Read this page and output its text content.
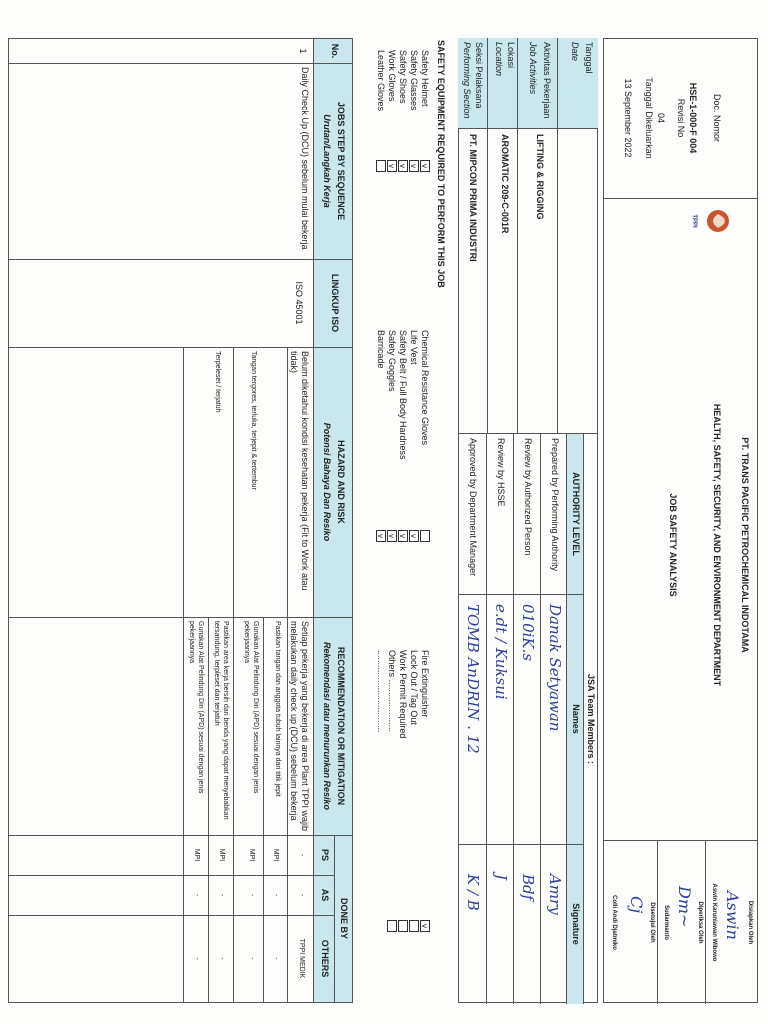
Doc. Nomor
HSE-1-000-F 004
Revisi No
04
Tanggal Dikeluarkan
13 September 2022
TPPI
PT. TRANS PACIFIC PETROCHEMICAL INDOTAMA
HEALTH, SAFETY, SECURITY, AND ENVIRONMENT DEPARTMENT
JOB SAFETY ANALYSIS
Disiapkan Oleh
Aswin
Aswin Karuniawan Wibowo
Diperiksa Oleh
Dm~
Sudarmanto
Disetujui Oleh
Cj
Colli Andi Djatmiko
Tanggal
Date
Aktivitas Pekerjaan
Job Activities
LIFTING & RIGGING
Lokasi
Location
AROMATIC 209-C-001R
Seksi Pelaksana
Performing Section
PT. MIPCON PRIMA INDUSTRI
JSA Team Members :
AUTHORITY LEVEL
Names
Signature
Prepared by Performing Authority
Danak Setyawan
Amry
Review by Authorized Person
010iK.s
Bdf
Review by HSSE
e.dt / Kuksui
J
Approved by Department Manager
TOMB AnDRIN . 12
K / B
SAFETY EQUIPMENT REQUIRED TO PERFORM THIS JOB
Safety Helmet
v
Safety Glasses
v
Safety Shoes
v
Work Gloves
v
Leather Gloves
Chemical Resistance Gloves
Life Vest
v
Safety Belt / Full Body Hardness
v
Safety Goggles
v
Barricade
v
Fire Extinguisher
v
Lock Out / Tag Out
Work Permit Required
Others .....................
.................................
No.
JOBS STEP BY SEQUENCE
Urutan/Langkah Kerja
LINGKUP ISO
HAZARD AND RISK
Potensi Bahaya Dan Resiko
RECOMMENDATION OR MITIGATION
Rekomendasi atau menurunkan Resiko
DONE BY
PS
AS
OTHERS
1
Daily Check Up (DCU) sebelum mulai bekerja
ISO 45001
Belum diketahui kondisi kesehatan pekerja (Fit to Work atau tidak)
Setiap pekerja yang bekerja di area Plant TPPI wajib melakukan daily check up (DCU) sebelum bekerja
-
-
TPPI MEDIK
Pastikan tangan dan anggota tubuh lainnya dari titik jepit
MPI
-
-
Tangan tergores, terluka, terjepit & tertembur
Gunakan Alat Pelindung Diri (APD) sesuai dengan jenis pekerjaannya
MPI
-
-
Pastikan area kerja bersih dari benda yang dapat menyebabkan tersandung, terpleset dan terjatuh
MPI
-
-
Terpeleset / terjatuh
Gunakan Alat Pelindung Diri (APD) sesuai dengan jenis pekerjaannya
MPI
-
-
